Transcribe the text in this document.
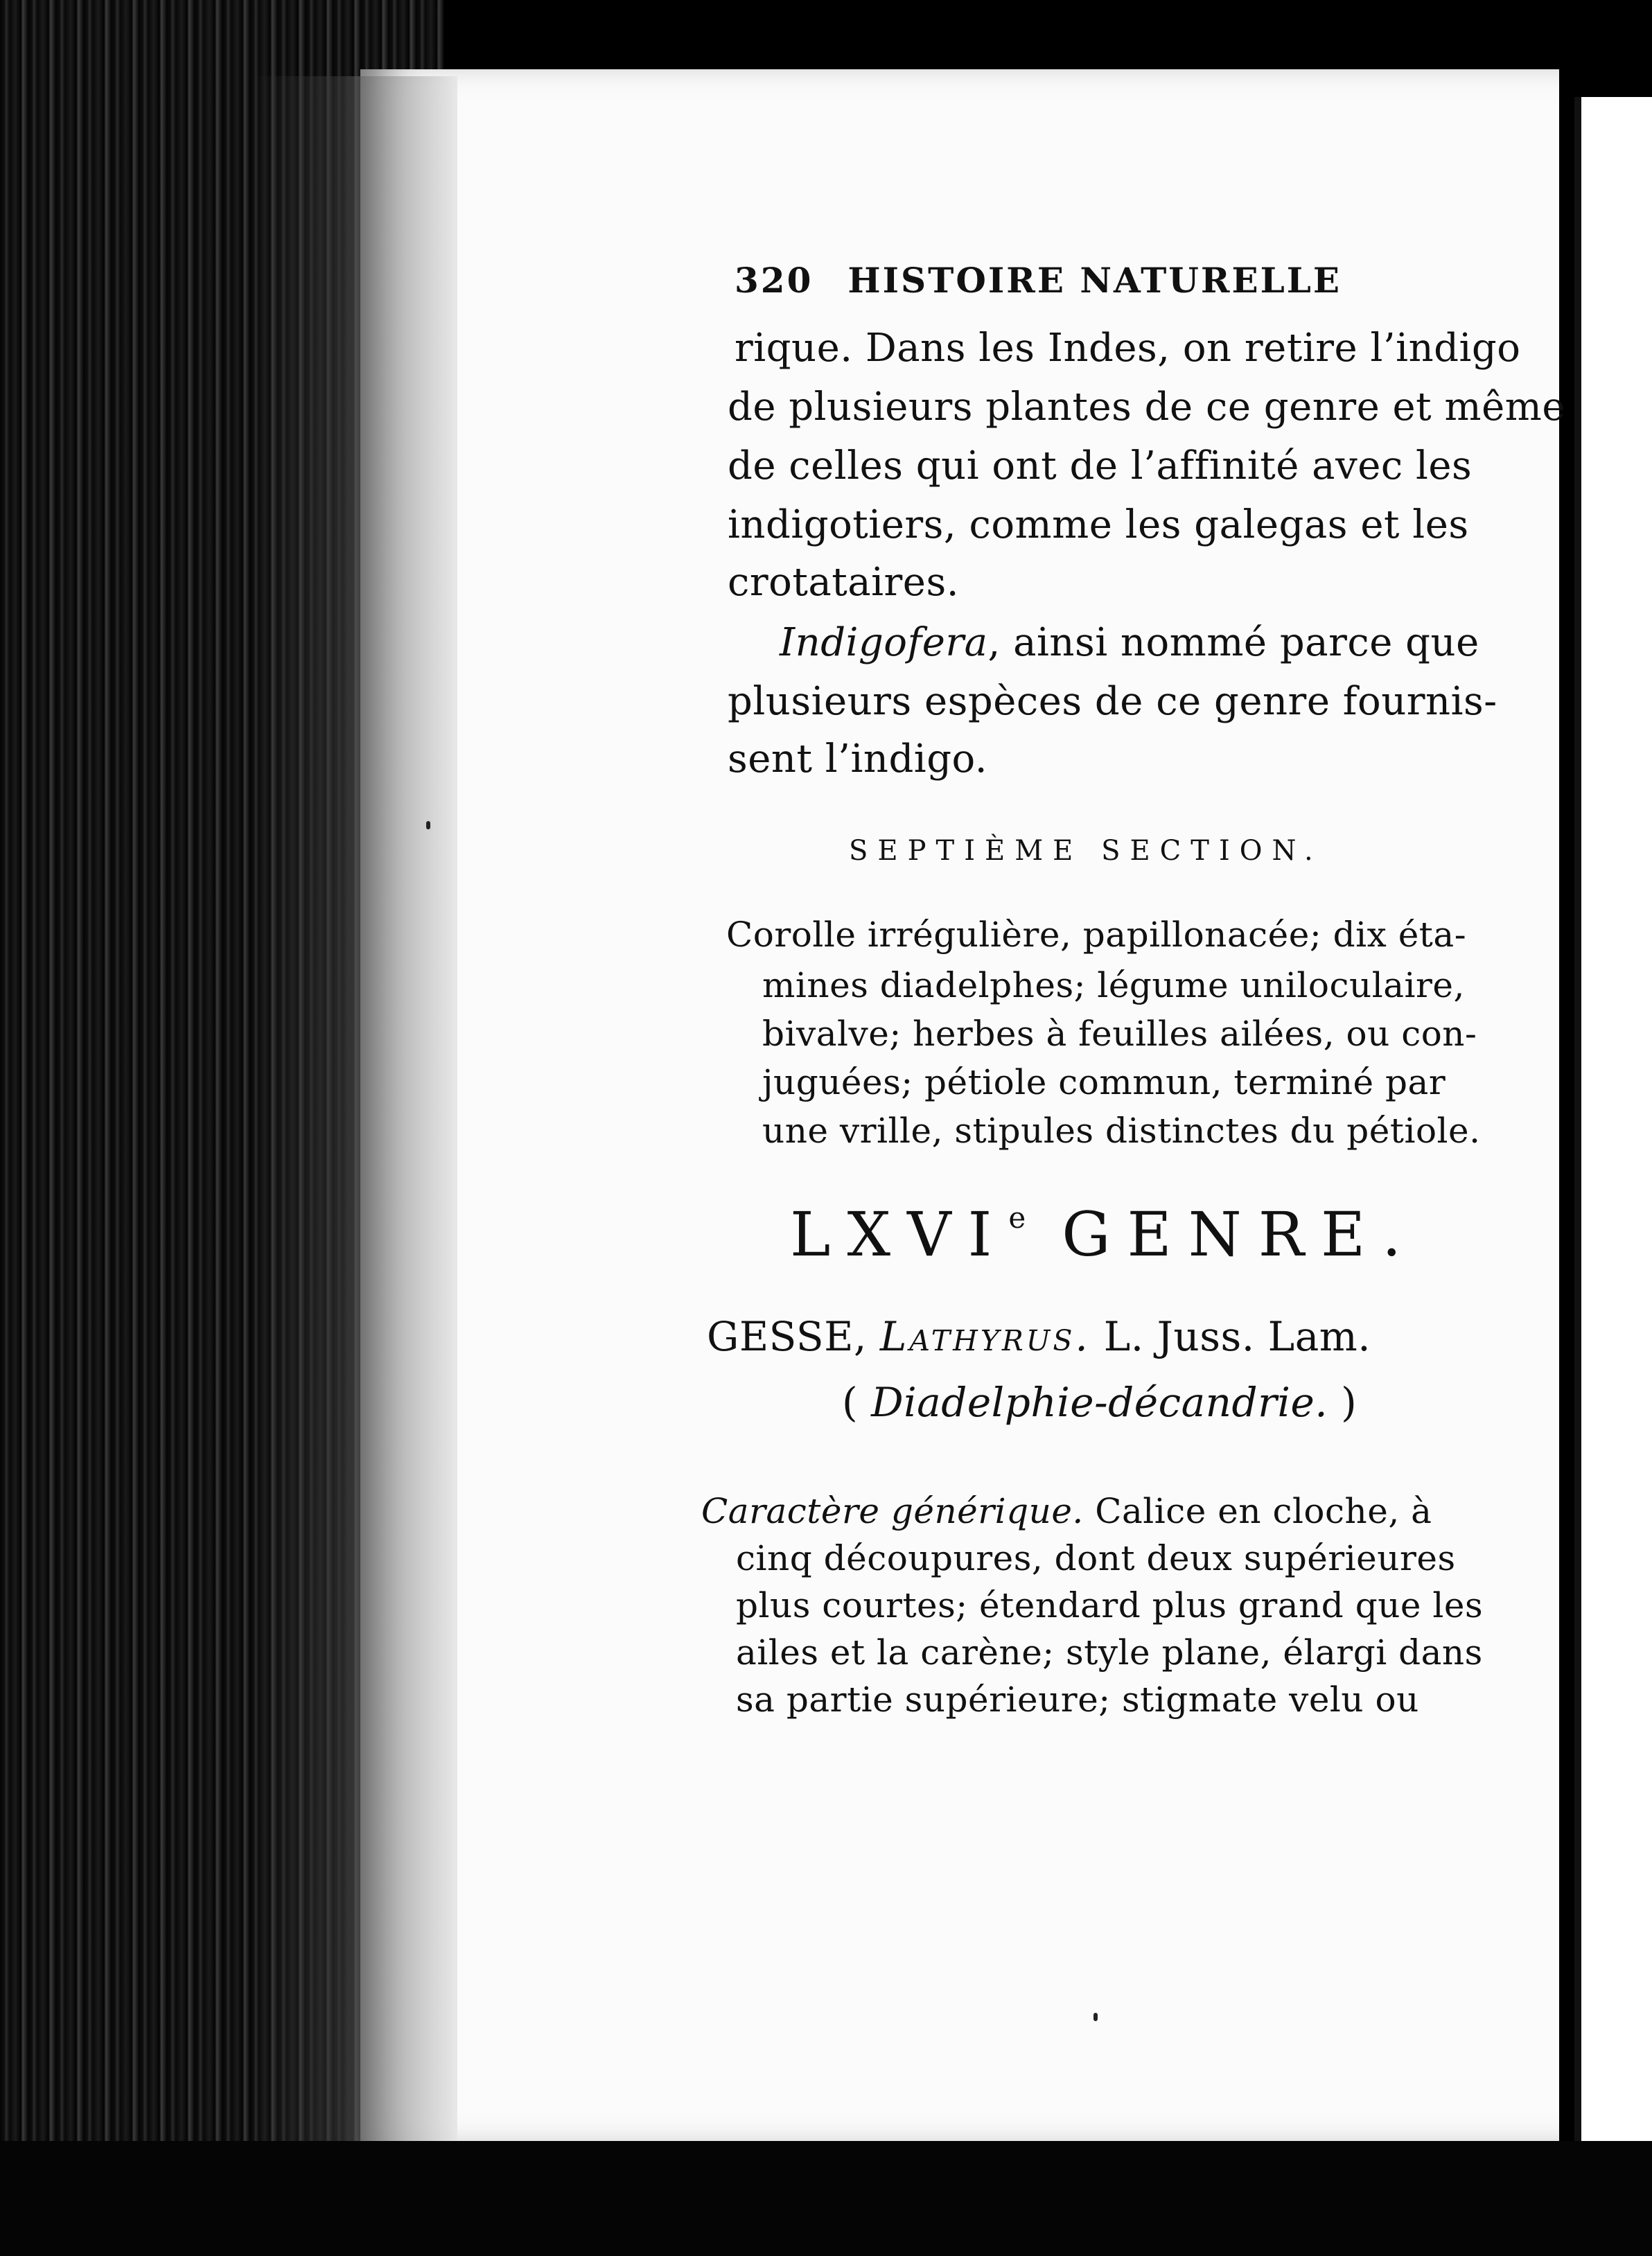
320 HISTOIRE NATURELLE
rique. Dans les Indes, on retire l’indigo
de plusieurs plantes de ce genre et même
de celles qui ont de l’affinité avec les
indigotiers, comme les galegas et les
crotataires.
Indigofera, ainsi nommé parce que
plusieurs espèces de ce genre fournis-
sent l’indigo.
SEPTIÈME SECTION.
Corolle irrégulière, papillonacée; dix éta-
mines diadelphes; légume uniloculaire,
bivalve; herbes à feuilles ailées, ou con-
juguées; pétiole commun, terminé par
une vrille, stipules distinctes du pétiole.
LXVIe GENRE.
GESSE, Lathyrus. L. Juss. Lam.
( Diadelphie-décandrie. )
Caractère générique. Calice en cloche, à
cinq découpures, dont deux supérieures
plus courtes; étendard plus grand que les
ailes et la carène; style plane, élargi dans
sa partie supérieure; stigmate velu ou
